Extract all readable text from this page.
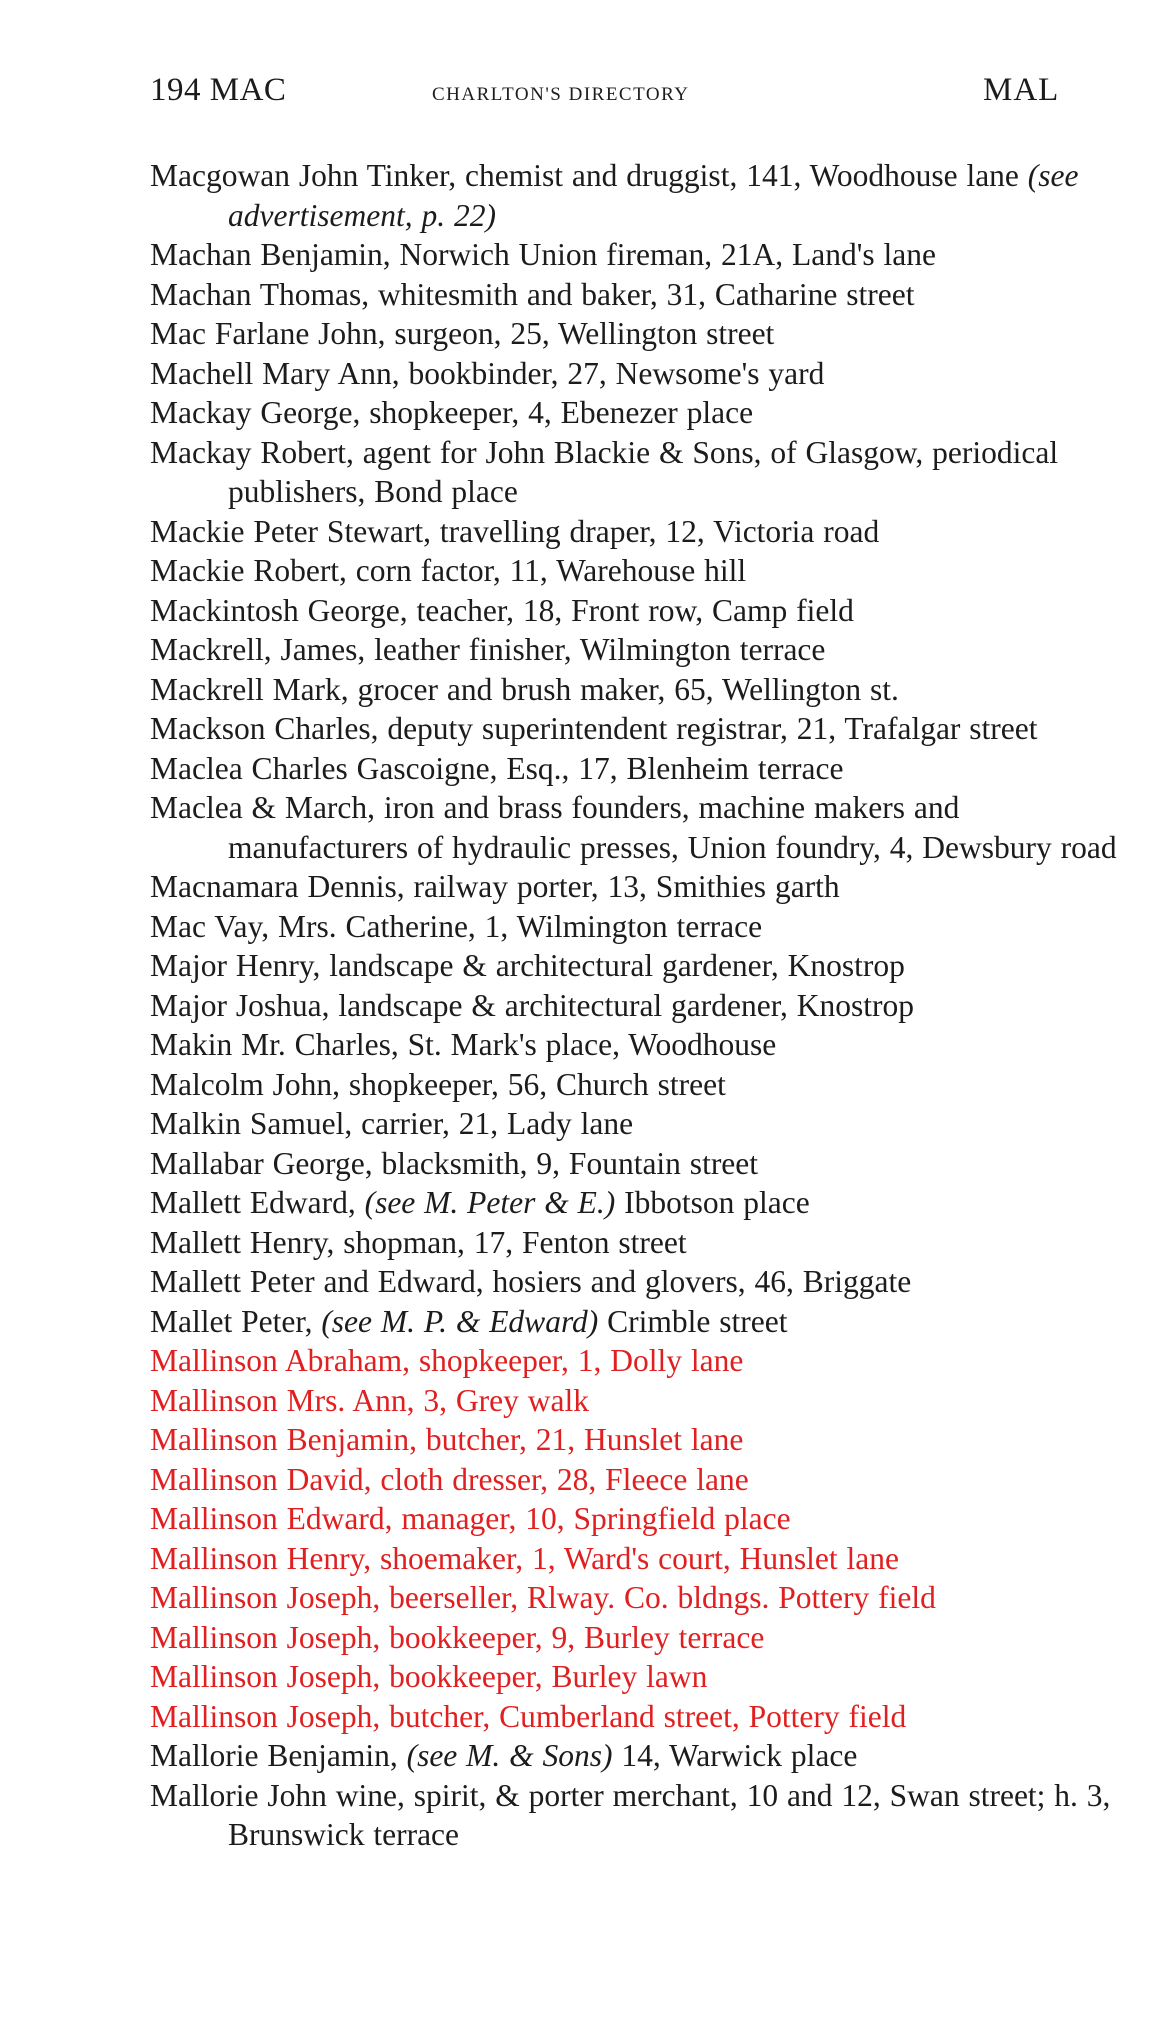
194 MAC	CHARLTON'S DIRECTORY	MAL
Macgowan John Tinker, chemist and druggist, 141, Woodhouse lane (see advertisement, p. 22)
Machan Benjamin, Norwich Union fireman, 21A, Land's lane
Machan Thomas, whitesmith and baker, 31, Catharine street
Mac Farlane John, surgeon, 25, Wellington street
Machell Mary Ann, bookbinder, 27, Newsome's yard
Mackay George, shopkeeper, 4, Ebenezer place
Mackay Robert, agent for John Blackie & Sons, of Glasgow, periodical publishers, Bond place
Mackie Peter Stewart, travelling draper, 12, Victoria road
Mackie Robert, corn factor, 11, Warehouse hill
Mackintosh George, teacher, 18, Front row, Camp field
Mackrell, James, leather finisher, Wilmington terrace
Mackrell Mark, grocer and brush maker, 65, Wellington st.
Mackson Charles, deputy superintendent registrar, 21, Trafalgar street
Maclea Charles Gascoigne, Esq., 17, Blenheim terrace
Maclea & March, iron and brass founders, machine makers and manufacturers of hydraulic presses, Union foundry, 4, Dewsbury road
Macnamara Dennis, railway porter, 13, Smithies garth
Mac Vay, Mrs. Catherine, 1, Wilmington terrace
Major Henry, landscape & architectural gardener, Knostrop
Major Joshua, landscape & architectural gardener, Knostrop
Makin Mr. Charles, St. Mark's place, Woodhouse
Malcolm John, shopkeeper, 56, Church street
Malkin Samuel, carrier, 21, Lady lane
Mallabar George, blacksmith, 9, Fountain street
Mallett Edward, (see M. Peter & E.) Ibbotson place
Mallett Henry, shopman, 17, Fenton street
Mallett Peter and Edward, hosiers and glovers, 46, Briggate
Mallet Peter, (see M. P. & Edward) Crimble street
Mallinson Abraham, shopkeeper, 1, Dolly lane
Mallinson Mrs. Ann, 3, Grey walk
Mallinson Benjamin, butcher, 21, Hunslet lane
Mallinson David, cloth dresser, 28, Fleece lane
Mallinson Edward, manager, 10, Springfield place
Mallinson Henry, shoemaker, 1, Ward's court, Hunslet lane
Mallinson Joseph, beerseller, Rlway. Co. bldngs. Pottery field
Mallinson Joseph, bookkeeper, 9, Burley terrace
Mallinson Joseph, bookkeeper, Burley lawn
Mallinson Joseph, butcher, Cumberland street, Pottery field
Mallorie Benjamin, (see M. & Sons) 14, Warwick place
Mallorie John wine, spirit, & porter merchant, 10 and 12, Swan street; h. 3, Brunswick terrace
